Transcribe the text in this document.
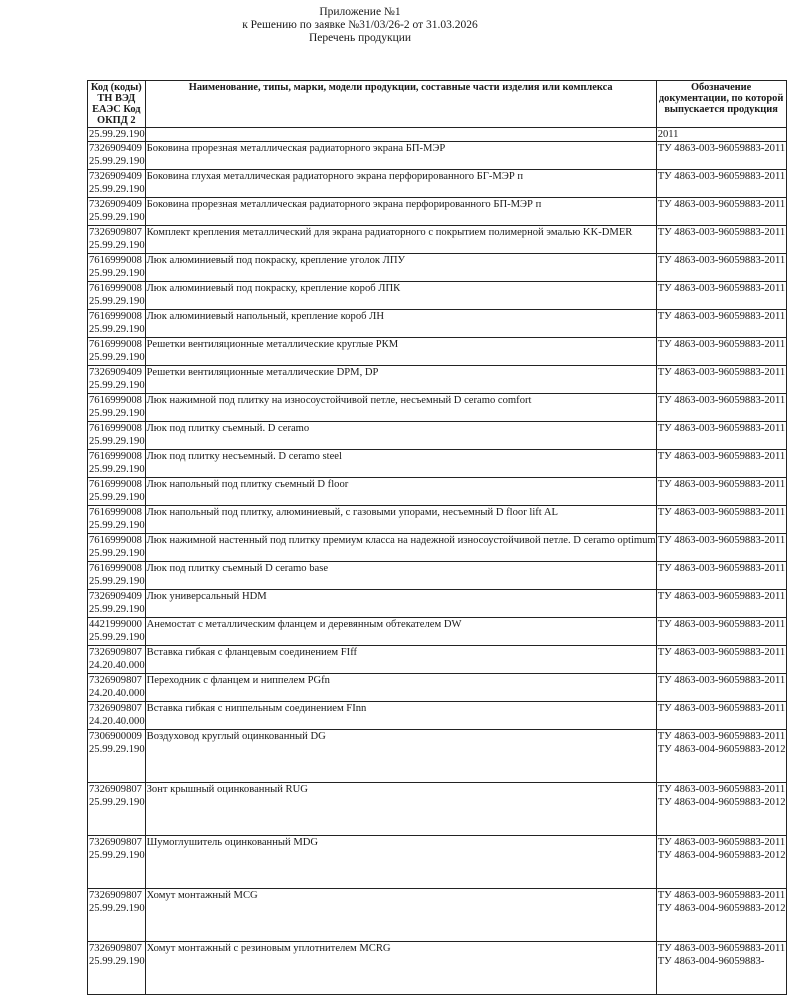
Приложение №1
к Решению по заявке №31/03/26-2 от 31.03.2026
Перечень продукции
Код (коды) ТН ВЭД ЕАЭС Код ОКПД 2	Наименование, типы, марки, модели продукции, составные части изделия или комплекса	Обозначение документации, по которой выпускается продукция

25.99.29.190		2011

7326909409
25.99.29.190	Боковина прорезная металлическая радиаторного экрана БП-МЭР	ТУ 4863-003-96059883-2011

7326909409
25.99.29.190	Боковина глухая металлическая радиаторного экрана перфорированного БГ-МЭР п	ТУ 4863-003-96059883-2011

7326909409
25.99.29.190	Боковина прорезная металлическая радиаторного экрана перфорированного БП-МЭР п	ТУ 4863-003-96059883-2011

7326909807
25.99.29.190	Комплект крепления металлический для экрана радиаторного с покрытием полимерной эмалью KK-DMER	ТУ 4863-003-96059883-2011

7616999008
25.99.29.190	Люк алюминиевый под покраску, крепление уголок ЛПУ	ТУ 4863-003-96059883-2011

7616999008
25.99.29.190	Люк алюминиевый под покраску, крепление короб ЛПК	ТУ 4863-003-96059883-2011

7616999008
25.99.29.190	Люк алюминиевый напольный, крепление короб ЛН	ТУ 4863-003-96059883-2011

7616999008
25.99.29.190	Решетки вентиляционные металлические круглые РКМ	ТУ 4863-003-96059883-2011

7326909409
25.99.29.190	Решетки вентиляционные металлические DPM, DP	ТУ 4863-003-96059883-2011

7616999008
25.99.29.190	Люк нажимной под плитку на износоустойчивой петле, несъемный D ceramo comfort	ТУ 4863-003-96059883-2011

7616999008
25.99.29.190	Люк под плитку съемный. D ceramo	ТУ 4863-003-96059883-2011

7616999008
25.99.29.190	Люк под плитку несъемный. D ceramo steel	ТУ 4863-003-96059883-2011

7616999008
25.99.29.190	Люк напольный под плитку съемный D floor	ТУ 4863-003-96059883-2011

7616999008
25.99.29.190	Люк напольный под плитку, алюминиевый, с газовыми упорами, несъемный D floor lift AL	ТУ 4863-003-96059883-2011

7616999008
25.99.29.190	Люк нажимной настенный под плитку премиум класса на надежной износоустойчивой петле. D ceramo optimum	ТУ 4863-003-96059883-2011

7616999008
25.99.29.190	Люк под плитку съемный D ceramo base	ТУ 4863-003-96059883-2011

7326909409
25.99.29.190	Люк универсальный HDM	ТУ 4863-003-96059883-2011

4421999000
25.99.29.190	Анемостат с металлическим фланцем и деревянным обтекателем DW	ТУ 4863-003-96059883-2011

7326909807
24.20.40.000	Вставка гибкая с фланцевым соединением FIff	ТУ 4863-003-96059883-2011

7326909807
24.20.40.000	Переходник с фланцем и ниппелем PGfn	ТУ 4863-003-96059883-2011

7326909807
24.20.40.000	Вставка гибкая с ниппельным соединением FInn	ТУ 4863-003-96059883-2011

7306900009
25.99.29.190	Воздуховод круглый оцинкованный DG	ТУ 4863-003-96059883-2011
ТУ 4863-004-96059883-2012

7326909807
25.99.29.190	Зонт крышный оцинкованный RUG	ТУ 4863-003-96059883-2011
ТУ 4863-004-96059883-2012

7326909807
25.99.29.190	Шумоглушитель оцинкованный MDG	ТУ 4863-003-96059883-2011
ТУ 4863-004-96059883-2012

7326909807
25.99.29.190	Хомут монтажный MCG	ТУ 4863-003-96059883-2011
ТУ 4863-004-96059883-2012

7326909807
25.99.29.190	Хомут монтажный с резиновым уплотнителем MCRG	ТУ 4863-003-96059883-2011
ТУ 4863-004-96059883-
